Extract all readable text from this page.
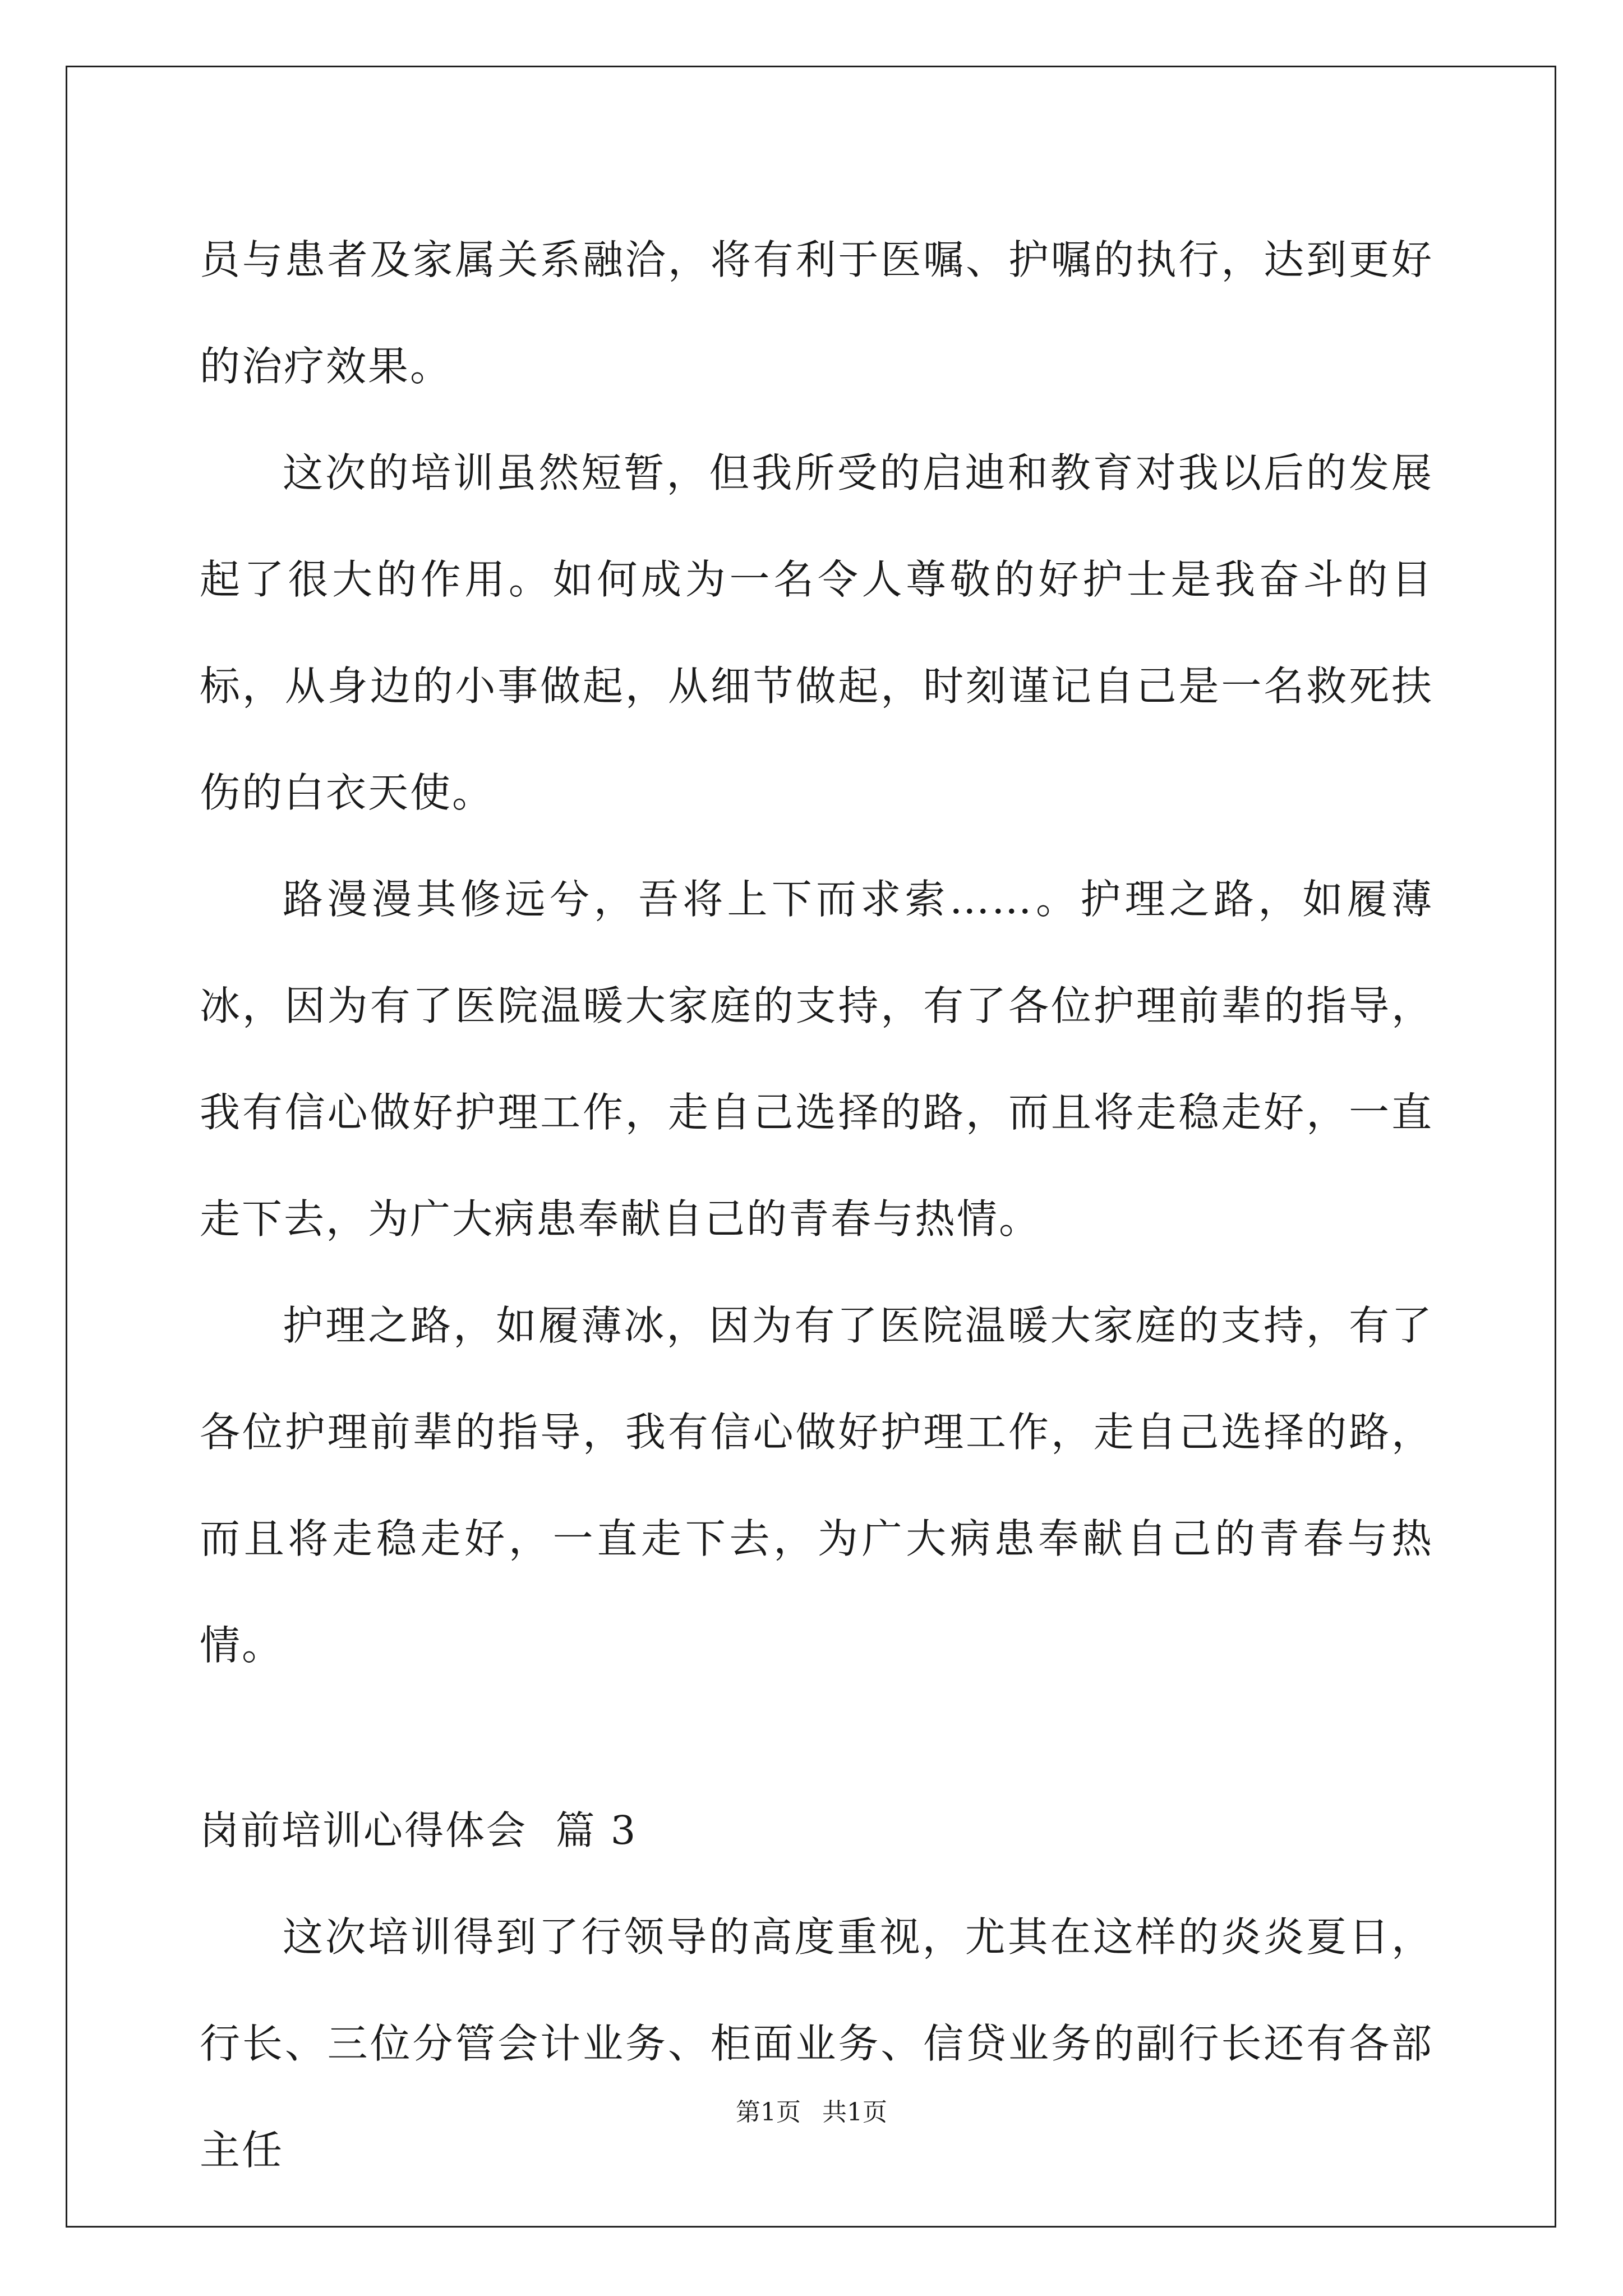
员与患者及家属关系融洽，将有利于医嘱、护嘱的执行，达到更好的治疗效果。

这次的培训虽然短暂，但我所受的启迪和教育对我以后的发展起了很大的作用。如何成为一名令人尊敬的好护士是我奋斗的目标，从身边的小事做起，从细节做起，时刻谨记自己是一名救死扶伤的白衣天使。

路漫漫其修远兮，吾将上下而求索……。护理之路，如履薄冰，因为有了医院温暖大家庭的支持，有了各位护理前辈的指导，我有信心做好护理工作，走自己选择的路，而且将走稳走好，一直走下去，为广大病患奉献自己的青春与热情。

护理之路，如履薄冰，因为有了医院温暖大家庭的支持，有了各位护理前辈的指导，我有信心做好护理工作，走自己选择的路，而且将走稳走好，一直走下去，为广大病患奉献自己的青春与热情。

岗前培训心得体会  篇 3

这次培训得到了行领导的高度重视，尤其在这样的炎炎夏日，行长、三位分管会计业务、柜面业务、信贷业务的副行长还有各部主任

第1页 共1页
